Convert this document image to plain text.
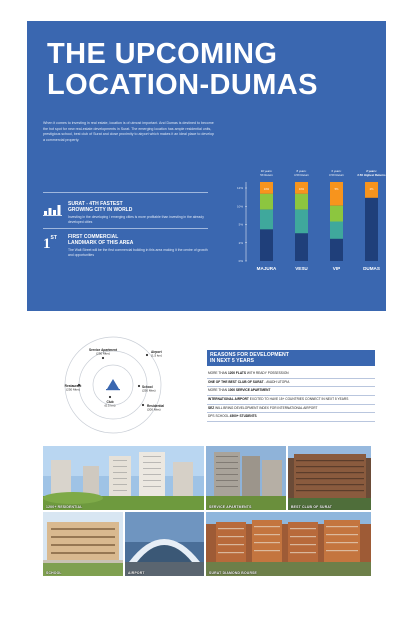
THE UPCOMING
LOCATION-DUMAS
When it comes to investing in real estate, location is of utmost important. And Dumas is destined to become the hot spot for new real-estate developments in Surat. The emerging location has ample residential units, prestigious school, best club of Surat and close proximity to airport which makes it an ideal place to develop a commercial property.
SURAT - 4TH FASTEST
GROWING CITY IN WORLD
Investing in the developing / emerging cities is more profitable than investing in the already developed cities
1ST FIRST COMMERCIAL
LANDMARK OF THIS AREA
The Walt Street will be the first commercial building in this area making it the centre of growth and opportunities
12%
10%
5%
2%
0%
10%
10 years:
5X Return
MAJURA
10%
8 years:
4.5X Return
VESU
5%
6 years:
3.5X Return
VIP
2%
2 years:
2.5X Highest Returns
DUMAS
Service Apartment
(250 Mtrs)	Airport
(1.5 km)
Restaurant
(250 Mtrs)
School
(250 Mtrs)
Club
(0.5 km)	Residential
(200 Mtrs)
REASONS FOR DEVELOPMENT
IN NEXT 5 YEARS
MORE THAN 1200 FLATS WITH READY POSSESSION
ONE OF THE BEST CLUB OF SURAT - AVADH UTOPIA
MORE THAN 1000 SERVICE APARTMENT
INTERNATIONAL AIRPORT EXCITED TO HAVE 15+ COUNTRIES CONNECT IN NEXT 5 YEARS
SEZ WILL BRING DEVELOPMENT INDEX FOR INTERNATIONAL AIRPORT
DPS SCHOOL 4500+ STUDENTS
1200+ RESIDENTIAL	SERVICE APARTMENTS	BEST CLUB OF SURAT
SCHOOL	AIRPORT	SURAT DIAMOND BOURSE
